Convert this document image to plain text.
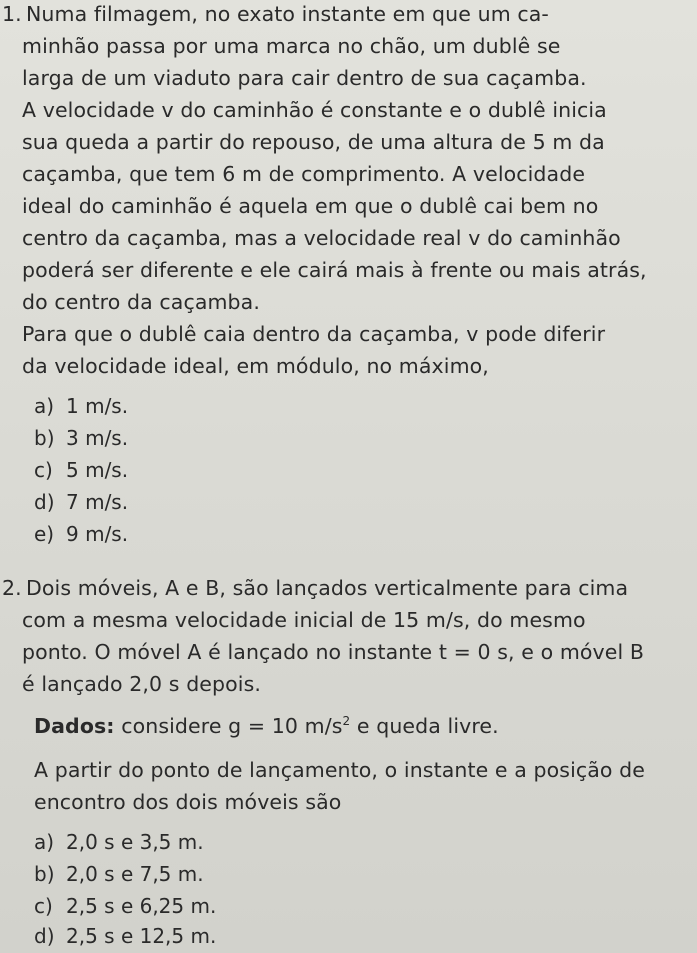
1. Numa filmagem, no exato instante em que um ca-
minhão passa por uma marca no chão, um dublê se
larga de um viaduto para cair dentro de sua caçamba.
A velocidade v do caminhão é constante e o dublê inicia
sua queda a partir do repouso, de uma altura de 5 m da
caçamba, que tem 6 m de comprimento. A velocidade
ideal do caminhão é aquela em que o dublê cai bem no
centro da caçamba, mas a velocidade real v do caminhão
poderá ser diferente e ele cairá mais à frente ou mais atrás,
do centro da caçamba.
Para que o dublê caia dentro da caçamba, v pode diferir
da velocidade ideal, em módulo, no máximo,
a) 1 m/s.
b) 3 m/s.
c) 5 m/s.
d) 7 m/s.
e) 9 m/s.
2. Dois móveis, A e B, são lançados verticalmente para cima
com a mesma velocidade inicial de 15 m/s, do mesmo
ponto. O móvel A é lançado no instante t = 0 s, e o móvel B
é lançado 2,0 s depois.
Dados: considere g = 10 $m/s^2$ e queda livre.
A partir do ponto de lançamento, o instante e a posição de
encontro dos dois móveis são
a) 2,0 s e 3,5 m.
b) 2,0 s e 7,5 m.
c) 2,5 s e 6,25 m.
d) 2,5 s e 12,5 m.
